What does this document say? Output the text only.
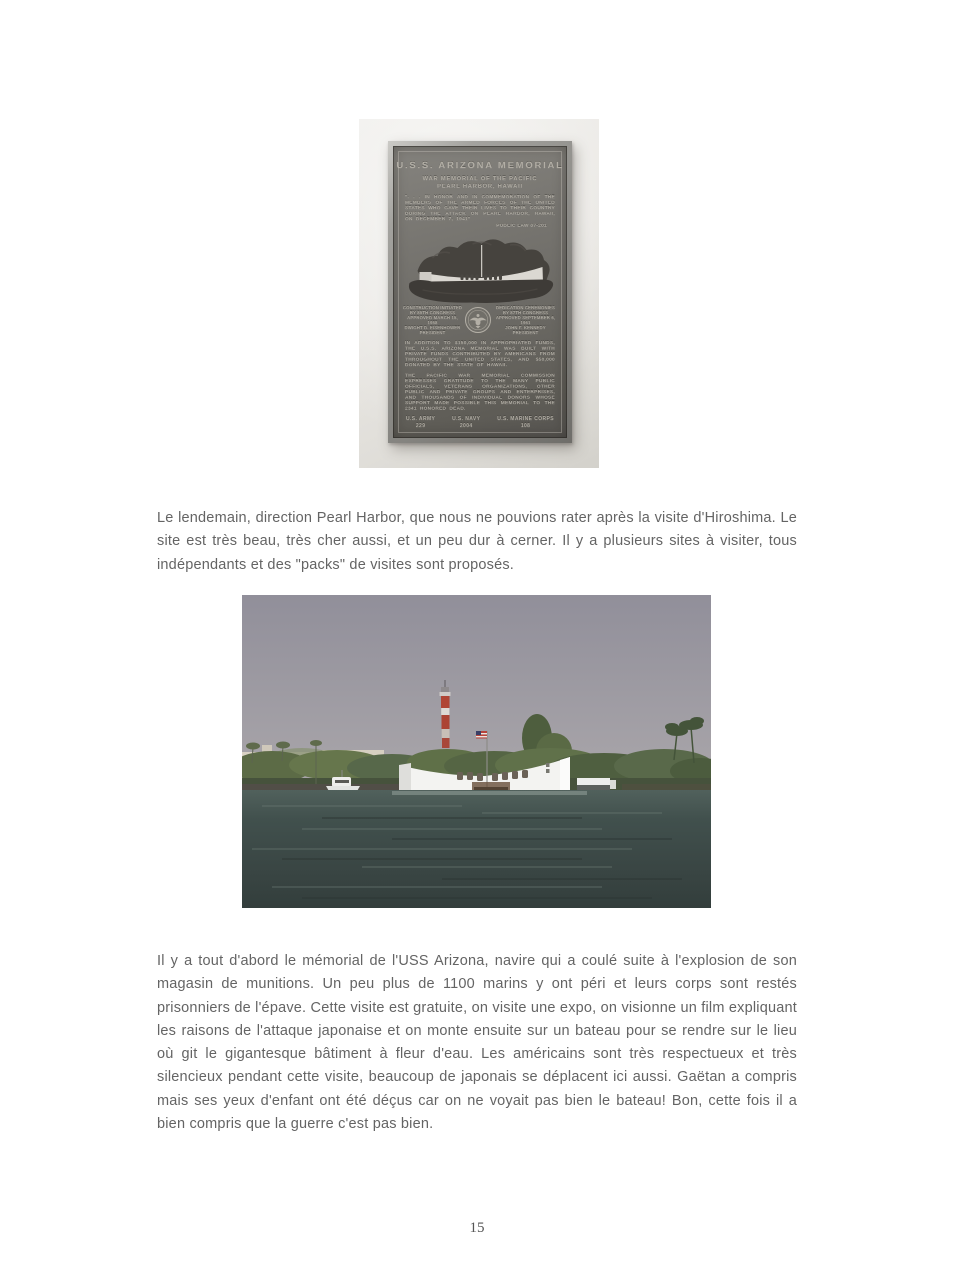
U.S.S. ARIZONA MEMORIAL
WAR MEMORIAL OF THE PACIFIC
PEARL HARBOR, HAWAII
". . . IN HONOR AND IN COMMEMORATION OF THE MEMBERS OF THE ARMED FORCES OF THE UNITED STATES WHO GAVE THEIR LIVES TO THEIR COUNTRY DURING THE ATTACK ON PEARL HARBOR, HAWAII, ON DECEMBER 7, 1941"
PUBLIC LAW 87-201
CONSTRUCTION INITIATED
BY 85TH CONGRESS
APPROVED MARCH 15, 1958
DWIGHT D. EISENHOWER
PRESIDENT
DEDICATION CEREMONIES
BY 87TH CONGRESS
APPROVED SEPTEMBER 6, 1961
JOHN F. KENNEDY
PRESIDENT
IN ADDITION TO $150,000 IN APPROPRIATED FUNDS, THE U.S.S. ARIZONA MEMORIAL WAS BUILT WITH PRIVATE FUNDS CONTRIBUTED BY AMERICANS FROM THROUGHOUT THE UNITED STATES, AND $50,000 DONATED BY THE STATE OF HAWAII.
THE PACIFIC WAR MEMORIAL COMMISSION EXPRESSES GRATITUDE TO THE MANY PUBLIC OFFICIALS, VETERANS ORGANIZATIONS, OTHER PUBLIC AND PRIVATE GROUPS AND ENTERPRISES, AND THOUSANDS OF INDIVIDUAL DONORS WHOSE SUPPORT MADE POSSIBLE THIS MEMORIAL TO THE 2341 HONORED DEAD.
U.S. ARMY
229
U.S. NAVY
2004
U.S. MARINE CORPS
108

Le lendemain, direction Pearl Harbor, que nous ne pouvions rater après la visite d'Hiroshima. Le site est très beau, très cher aussi, et un peu dur à cerner. Il y a plusieurs sites à visiter, tous indépendants et des "packs" de visites sont proposés.

Il y a tout d'abord le mémorial de l'USS Arizona, navire qui a coulé suite à l'explosion de son magasin de munitions. Un peu plus de 1100 marins y ont péri et leurs corps sont restés prisonniers de l'épave. Cette visite est gratuite, on visite une expo, on visionne un film expliquant les raisons de l'attaque japonaise et on monte ensuite sur un bateau pour se rendre sur le lieu où git le gigantesque bâtiment à fleur d'eau. Les américains sont très respectueux et très silencieux pendant cette visite, beaucoup de japonais se déplacent ici aussi. Gaëtan a compris mais ses yeux d'enfant ont été déçus car on ne voyait pas bien le bateau! Bon, cette fois il a bien compris que la guerre c'est pas bien.

15
